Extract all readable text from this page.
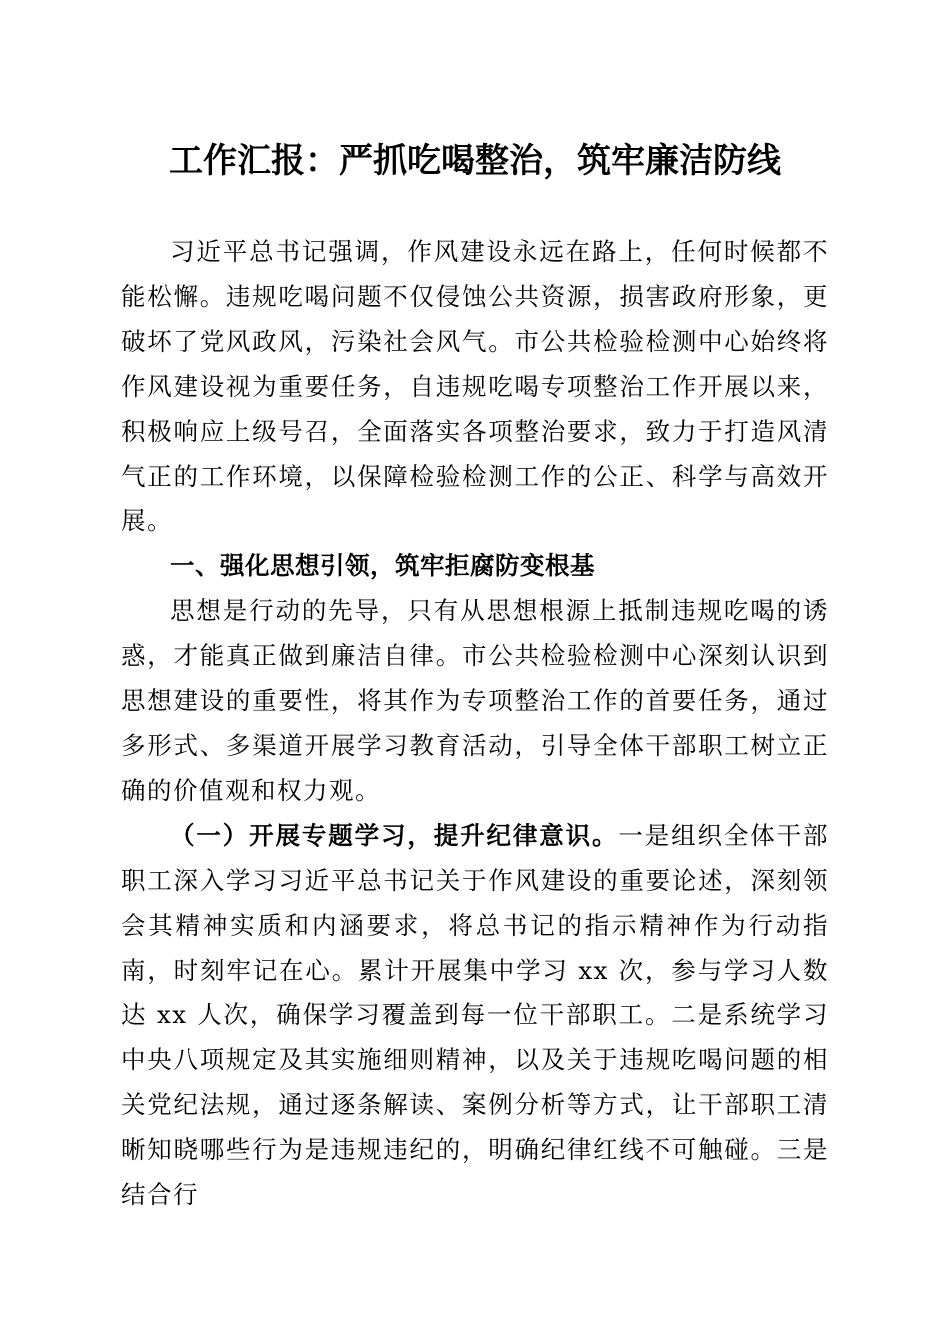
工作汇报：严抓吃喝整治，筑牢廉洁防线

习近平总书记强调，作风建设永远在路上，任何时候都不能松懈。违规吃喝问题不仅侵蚀公共资源，损害政府形象，更破坏了党风政风，污染社会风气。市公共检验检测中心始终将作风建设视为重要任务，自违规吃喝专项整治工作开展以来，积极响应上级号召，全面落实各项整治要求，致力于打造风清气正的工作环境，以保障检验检测工作的公正、科学与高效开展。

一、强化思想引领，筑牢拒腐防变根基

思想是行动的先导，只有从思想根源上抵制违规吃喝的诱惑，才能真正做到廉洁自律。市公共检验检测中心深刻认识到思想建设的重要性，将其作为专项整治工作的首要任务，通过多形式、多渠道开展学习教育活动，引导全体干部职工树立正确的价值观和权力观。

（一）开展专题学习，提升纪律意识。一是组织全体干部职工深入学习习近平总书记关于作风建设的重要论述，深刻领会其精神实质和内涵要求，将总书记的指示精神作为行动指南，时刻牢记在心。累计开展集中学习 xx 次，参与学习人数达 xx 人次，确保学习覆盖到每一位干部职工。二是系统学习中央八项规定及其实施细则精神，以及关于违规吃喝问题的相关党纪法规，通过逐条解读、案例分析等方式，让干部职工清晰知晓哪些行为是违规违纪的，明确纪律红线不可触碰。三是结合行
